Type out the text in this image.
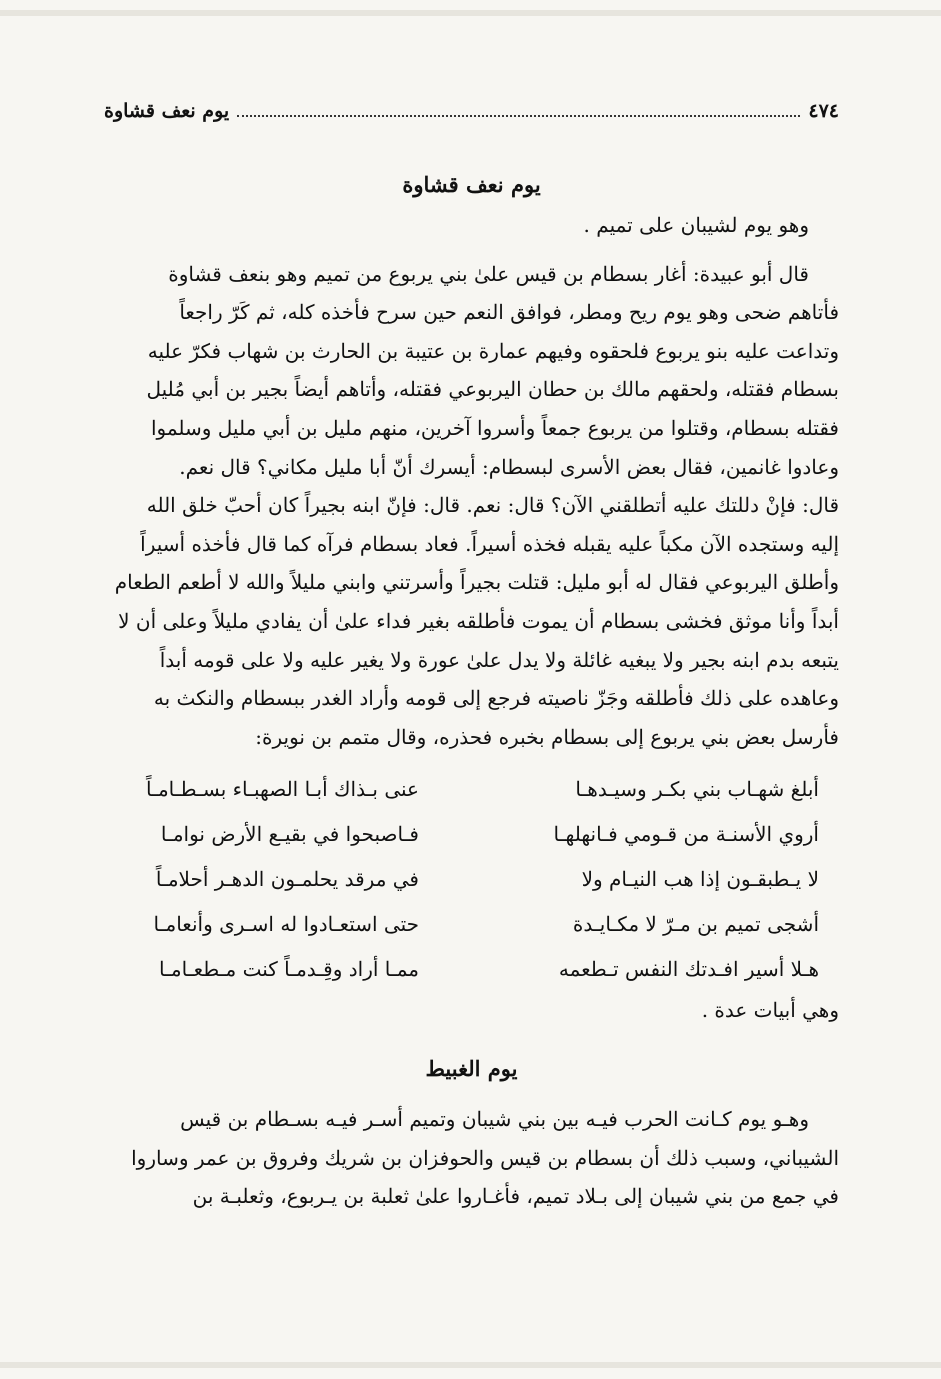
٤٧٤
يوم نعف قشاوة
يوم نعف قشاوة

وهو يوم لشيبان على تميم .

قال أبو عبيدة: أغار بسطام بن قيس علىٰ بني يربوع من تميم وهو بنعف قشاوة

فأتاهم ضحى وهو يوم ريح ومطر، فوافق النعم حين سرح فأخذه كله، ثم كَرّ راجعاً

وتداعت عليه بنو يربوع فلحقوه وفيهم عمارة بن عتيبة بن الحارث بن شهاب فكرّ عليه

بسطام فقتله، ولحقهم مالك بن حطان اليربوعي فقتله، وأتاهم أيضاً بجير بن أبي مُليل

فقتله بسطام، وقتلوا من يربوع جمعاً وأسروا آخرين، منهم مليل بن أبي مليل وسلموا

وعادوا غانمين، فقال بعض الأسرى لبسطام: أيسرك أنّ أبا مليل مكاني؟ قال نعم.

قال: فإنْ دللتك عليه أتطلقني الآن؟ قال: نعم. قال: فإنّ ابنه بجيراً كان أحبّ خلق الله

إليه وستجده الآن مكباً عليه يقبله فخذه أسيراً. فعاد بسطام فرآه كما قال فأخذه أسيراً

وأطلق اليربوعي فقال له أبو مليل: قتلت بجيراً وأسرتني وابني مليلاً والله لا أطعم الطعام

أبداً وأنا موثق فخشى بسطام أن يموت فأطلقه بغير فداء علىٰ أن يفادي مليلاً وعلى أن لا

يتبعه بدم ابنه بجير ولا يبغيه غائلة ولا يدل علىٰ عورة ولا يغير عليه ولا على قومه أبداً

وعاهده على ذلك فأطلقه وجَزّ ناصيته فرجع إلى قومه وأراد الغدر ببسطام والنكث به

فأرسل بعض بني يربوع إلى بسطام بخبره فحذره، وقال متمم بن نويرة:

أبلغ شهـاب بني بكـر وسيـدهـا
عنى بـذاك أبـا الصهبـاء بسـطـامـاً
أروي الأسنـة من قـومي فـانهلهـا
فـاصبحوا في بقيـع الأرض نوامـا
لا يـطبقـون إذا هب النيـام ولا
في مرقد يحلمـون الدهـر أحلامـاً
أشجى تميم بن مـرّ لا مكـايـدة
حتى استعـادوا له اسـرى وأنعامـا
هـلا أسير افـدتك النفس تـطعمه
ممـا أراد وقِـدمـاً كنت مـطعـامـا

وهي أبيات عدة .

يوم الغبيط

وهـو يوم كـانت الحرب فيـه بين بني شيبان وتميم أسـر فيـه بسـطام بن قيس

الشيباني، وسبب ذلك أن بسطام بن قيس والحوفزان بن شريك وفروق بن عمر وساروا

في جمع من بني شيبان إلى بـلاد تميم، فأغـاروا علىٰ ثعلبة بن يـربوع، وثعلبـة بن
